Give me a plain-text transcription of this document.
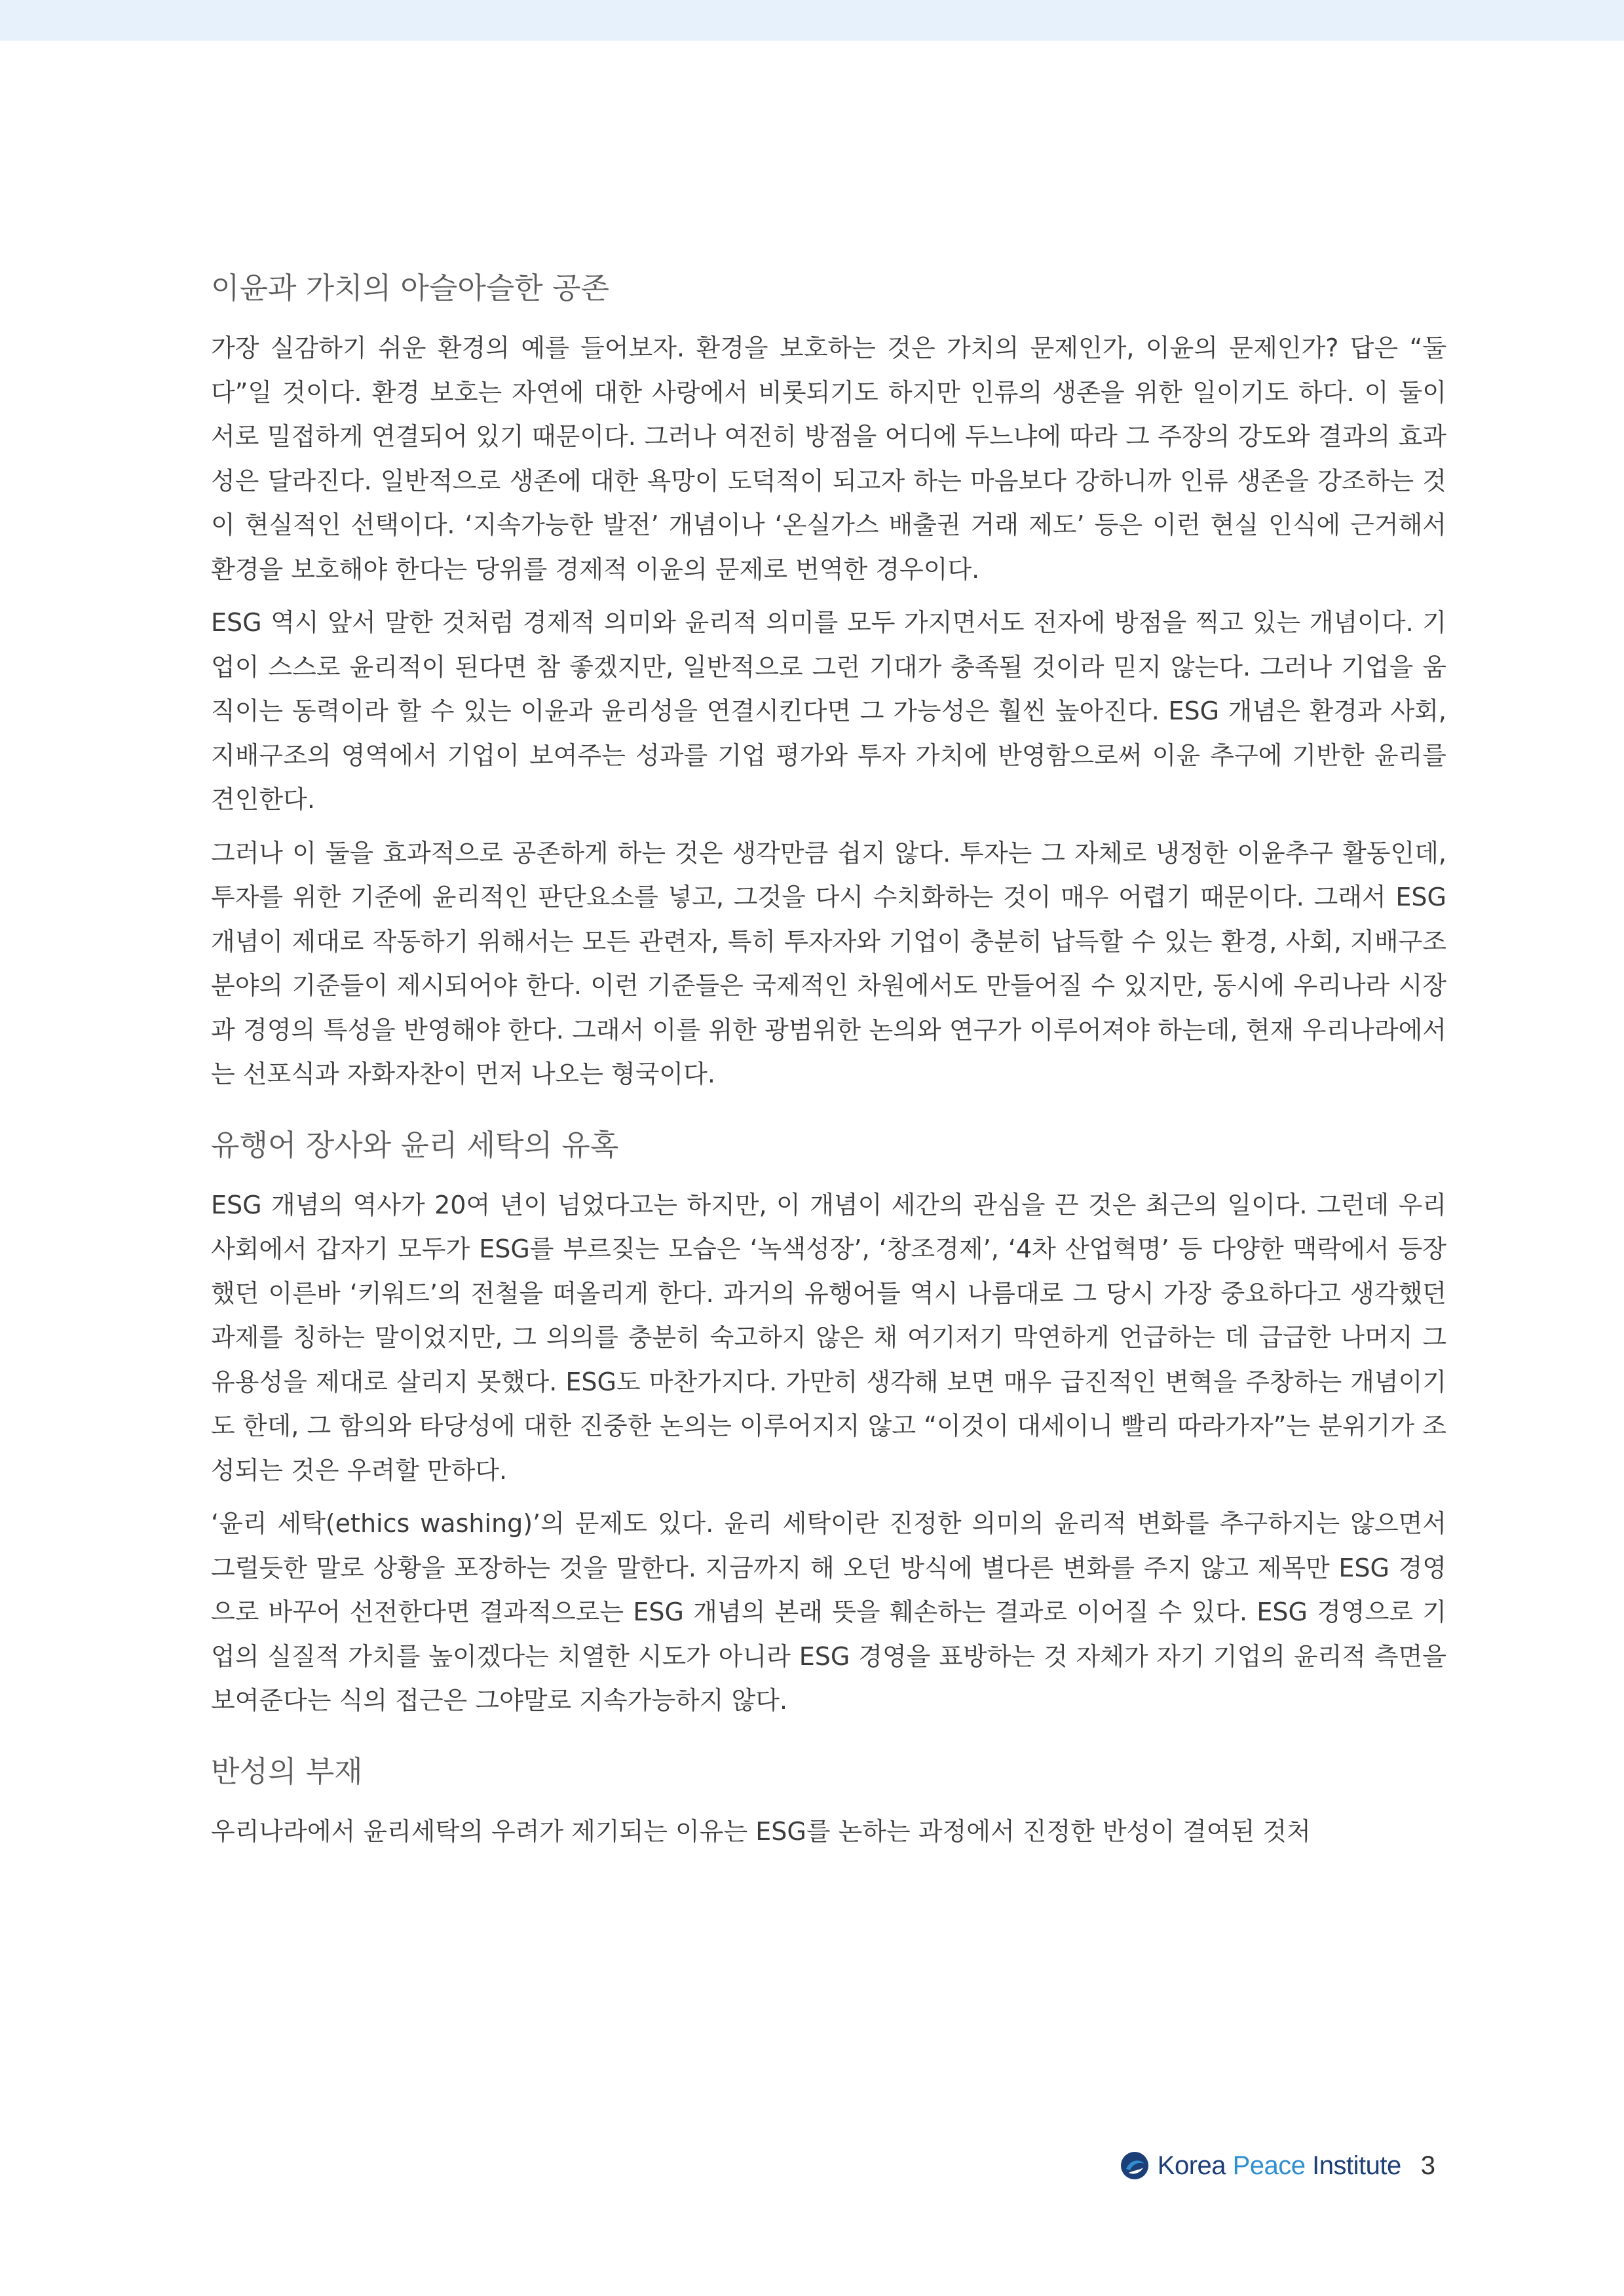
이윤과 가치의 아슬아슬한 공존

가장 실감하기 쉬운 환경의 예를 들어보자. 환경을 보호하는 것은 가치의 문제인가, 이윤의 문제인가? 답은 “둘 다”일 것이다. 환경 보호는 자연에 대한 사랑에서 비롯되기도 하지만 인류의 생존을 위한 일이기도 하다. 이 둘이 서로 밀접하게 연결되어 있기 때문이다. 그러나 여전히 방점을 어디에 두느냐에 따라 그 주장의 강도와 결과의 효과성은 달라진다. 일반적으로 생존에 대한 욕망이 도덕적이 되고자 하는 마음보다 강하니까 인류 생존을 강조하는 것이 현실적인 선택이다. ‘지속가능한 발전’ 개념이나 ‘온실가스 배출권 거래 제도’ 등은 이런 현실 인식에 근거해서 환경을 보호해야 한다는 당위를 경제적 이윤의 문제로 번역한 경우이다.

ESG 역시 앞서 말한 것처럼 경제적 의미와 윤리적 의미를 모두 가지면서도 전자에 방점을 찍고 있는 개념이다. 기업이 스스로 윤리적이 된다면 참 좋겠지만, 일반적으로 그런 기대가 충족될 것이라 믿지 않는다. 그러나 기업을 움직이는 동력이라 할 수 있는 이윤과 윤리성을 연결시킨다면 그 가능성은 훨씬 높아진다. ESG 개념은 환경과 사회, 지배구조의 영역에서 기업이 보여주는 성과를 기업 평가와 투자 가치에 반영함으로써 이윤 추구에 기반한 윤리를 견인한다.

그러나 이 둘을 효과적으로 공존하게 하는 것은 생각만큼 쉽지 않다. 투자는 그 자체로 냉정한 이윤추구 활동인데, 투자를 위한 기준에 윤리적인 판단요소를 넣고, 그것을 다시 수치화하는 것이 매우 어렵기 때문이다. 그래서 ESG 개념이 제대로 작동하기 위해서는 모든 관련자, 특히 투자자와 기업이 충분히 납득할 수 있는 환경, 사회, 지배구조 분야의 기준들이 제시되어야 한다. 이런 기준들은 국제적인 차원에서도 만들어질 수 있지만, 동시에 우리나라 시장과 경영의 특성을 반영해야 한다. 그래서 이를 위한 광범위한 논의와 연구가 이루어져야 하는데, 현재 우리나라에서는 선포식과 자화자찬이 먼저 나오는 형국이다.

유행어 장사와 윤리 세탁의 유혹

ESG 개념의 역사가 20여 년이 넘었다고는 하지만, 이 개념이 세간의 관심을 끈 것은 최근의 일이다. 그런데 우리 사회에서 갑자기 모두가 ESG를 부르짖는 모습은 ‘녹색성장’, ‘창조경제’, ‘4차 산업혁명’ 등 다양한 맥락에서 등장했던 이른바 ‘키워드’의 전철을 떠올리게 한다. 과거의 유행어들 역시 나름대로 그 당시 가장 중요하다고 생각했던 과제를 칭하는 말이었지만, 그 의의를 충분히 숙고하지 않은 채 여기저기 막연하게 언급하는 데 급급한 나머지 그 유용성을 제대로 살리지 못했다. ESG도 마찬가지다. 가만히 생각해 보면 매우 급진적인 변혁을 주창하는 개념이기도 한데, 그 함의와 타당성에 대한 진중한 논의는 이루어지지 않고 “이것이 대세이니 빨리 따라가자”는 분위기가 조성되는 것은 우려할 만하다.

‘윤리 세탁(ethics washing)’의 문제도 있다. 윤리 세탁이란 진정한 의미의 윤리적 변화를 추구하지는 않으면서 그럴듯한 말로 상황을 포장하는 것을 말한다. 지금까지 해 오던 방식에 별다른 변화를 주지 않고 제목만 ESG 경영으로 바꾸어 선전한다면 결과적으로는 ESG 개념의 본래 뜻을 훼손하는 결과로 이어질 수 있다. ESG 경영으로 기업의 실질적 가치를 높이겠다는 치열한 시도가 아니라 ESG 경영을 표방하는 것 자체가 자기 기업의 윤리적 측면을 보여준다는 식의 접근은 그야말로 지속가능하지 않다.

반성의 부재

우리나라에서 윤리세탁의 우려가 제기되는 이유는 ESG를 논하는 과정에서 진정한 반성이 결여된 것처

Korea Peace Institute 3
